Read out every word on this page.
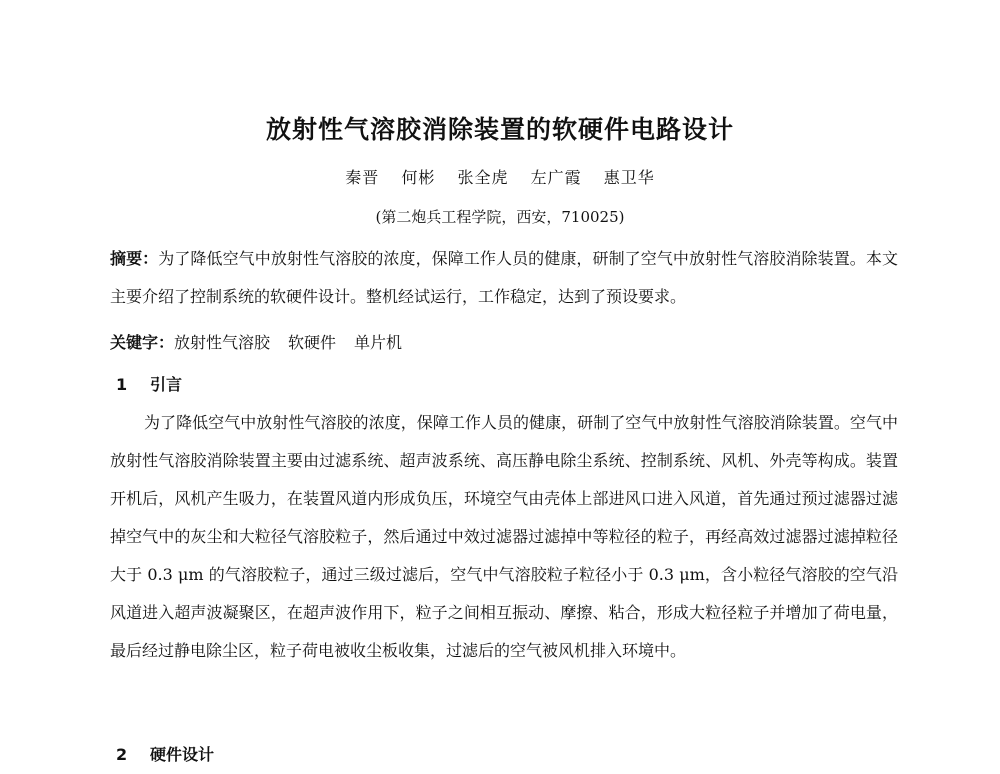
放射性气溶胶消除装置的软硬件电路设计
秦晋 何彬 张全虎 左广霞 惠卫华
(第二炮兵工程学院，西安，710025)
摘要：为了降低空气中放射性气溶胶的浓度，保障工作人员的健康，研制了空气中放射性气溶胶消除装置。本文主要介绍了控制系统的软硬件设计。整机经试运行，工作稳定，达到了预设要求。
关键字：放射性气溶胶 软硬件 单片机
1 引言
为了降低空气中放射性气溶胶的浓度，保障工作人员的健康，研制了空气中放射性气溶胶消除装置。空气中放射性气溶胶消除装置主要由过滤系统、超声波系统、高压静电除尘系统、控制系统、风机、外壳等构成。装置开机后，风机产生吸力，在装置风道内形成负压，环境空气由壳体上部进风口进入风道，首先通过预过滤器过滤掉空气中的灰尘和大粒径气溶胶粒子，然后通过中效过滤器过滤掉中等粒径的粒子，再经高效过滤器过滤掉粒径大于 0.3 μm 的气溶胶粒子，通过三级过滤后，空气中气溶胶粒子粒径小于 0.3 μm，含小粒径气溶胶的空气沿风道进入超声波凝聚区，在超声波作用下，粒子之间相互振动、摩擦、粘合，形成大粒径粒子并增加了荷电量，最后经过静电除尘区，粒子荷电被收尘板收集，过滤后的空气被风机排入环境中。
2 硬件设计
